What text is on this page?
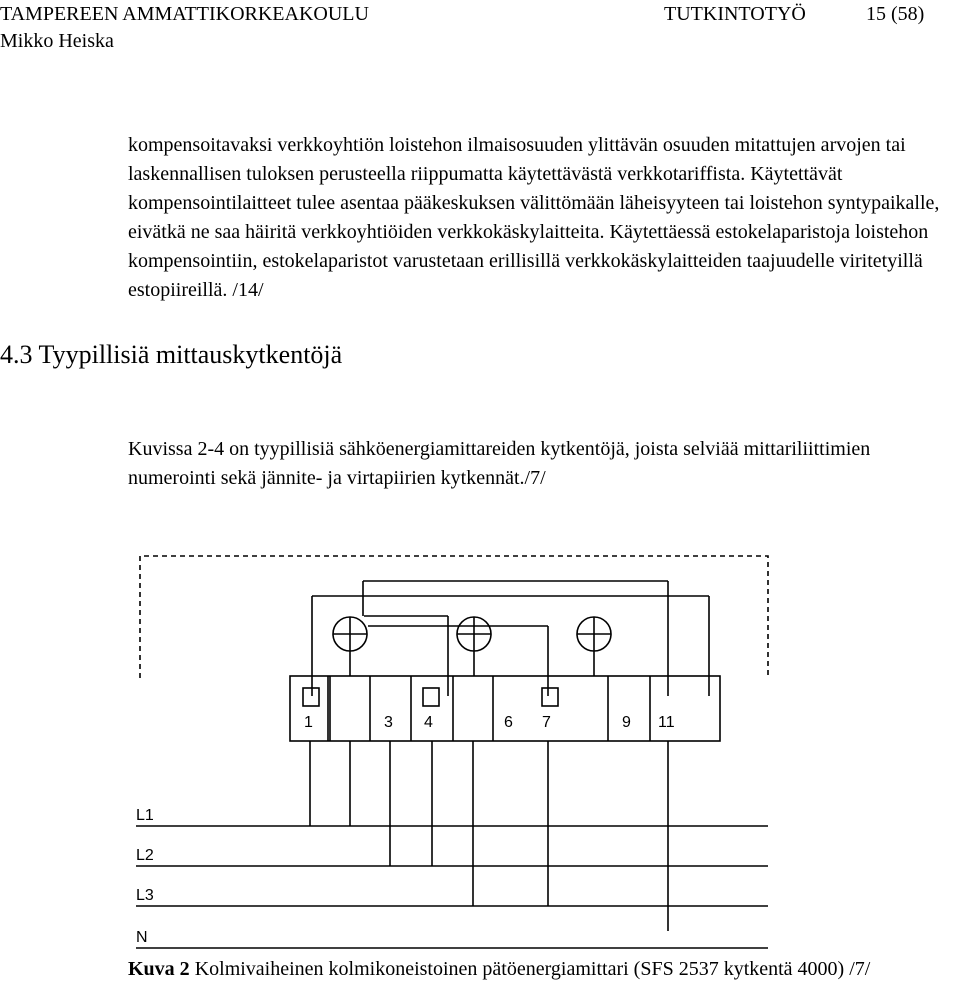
TAMPEREEN AMMATTIKORKEAKOULU	TUTKINTOTYÖ	15 (58)
Mikko Heiska

kompensoitavaksi verkkoyhtiön loistehon ilmaisosuuden ylittävän osuuden mitattujen arvojen tai laskennallisen tuloksen perusteella riippumatta käytettävästä verkkotariffista. Käytettävät kompensointilaitteet tulee asentaa pääkeskuksen välittömään läheisyyteen tai loistehon syntypaikalle, eivätkä ne saa häiritä verkkoyhtiöiden verkkokäskylaitteita. Käytettäessä estokelaparistoja loistehon kompensointiin, estokelaparistot varustetaan erillisillä verkkokäskylaitteiden taajuudelle viritetyillä estopiireillä. /14/

4.3 Tyypillisiä mittauskytkentöjä

Kuvissa 2-4 on tyypillisiä sähköenergiamittareiden kytkentöjä, joista selviää mittariliittimien numerointi sekä jännite- ja virtapiirien kytkennät./7/

1	3 4	6 7	9 11
L1
L2
L3
N

Kuva 2 Kolmivaiheinen kolmikoneistoinen pätöenergiamittari (SFS 2537 kytkentä 4000) /7/
